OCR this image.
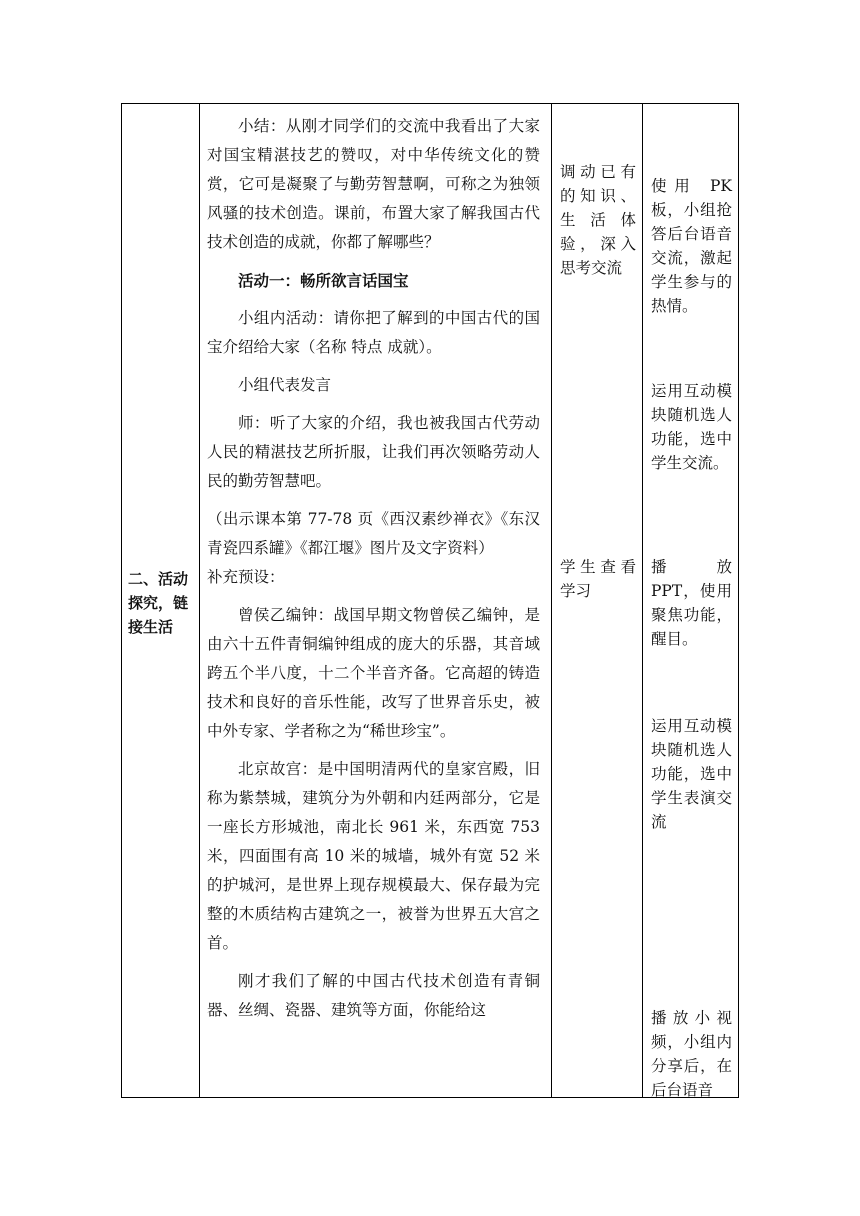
二、活动探究，链接生活

小结：从刚才同学们的交流中我看出了大家对国宝精湛技艺的赞叹，对中华传统文化的赞赏，它可是凝聚了与勤劳智慧啊，可称之为独领风骚的技术创造。课前，布置大家了解我国古代技术创造的成就，你都了解哪些？

活动一：畅所欲言话国宝

小组内活动：请你把了解到的中国古代的国宝介绍给大家（名称 特点 成就）。

小组代表发言

师：听了大家的介绍，我也被我国古代劳动人民的精湛技艺所折服，让我们再次领略劳动人民的勤劳智慧吧。

（出示课本第 77-78 页《西汉素纱禅衣》《东汉青瓷四系罐》《都江堰》图片及文字资料）

补充预设：

曾侯乙编钟：战国早期文物曾侯乙编钟，是由六十五件青铜编钟组成的庞大的乐器，其音域跨五个半八度，十二个半音齐备。它高超的铸造技术和良好的音乐性能，改写了世界音乐史，被中外专家、学者称之为“稀世珍宝”。

北京故宫：是中国明清两代的皇家宫殿，旧称为紫禁城，建筑分为外朝和内廷两部分，它是一座长方形城池，南北长 961 米，东西宽 753 米，四面围有高 10 米的城墙，城外有宽 52 米的护城河，是世界上现存规模最大、保存最为完整的木质结构古建筑之一，被誉为世界五大宫之首。

刚才我们了解的中国古代技术创造有青铜器、丝绸、瓷器、建筑等方面，你能给这

调动已有的知识、生活体验，深入思考交流

学生查看学习

使用 PK 板，小组抢答后台语音交流，激起学生参与的热情。

运用互动模块随机选人功能，选中学生交流。

播放 PPT，使用聚焦功能，醒目。

运用互动模块随机选人功能，选中学生表演交流

播放小视频，小组内分享后，在后台语音
